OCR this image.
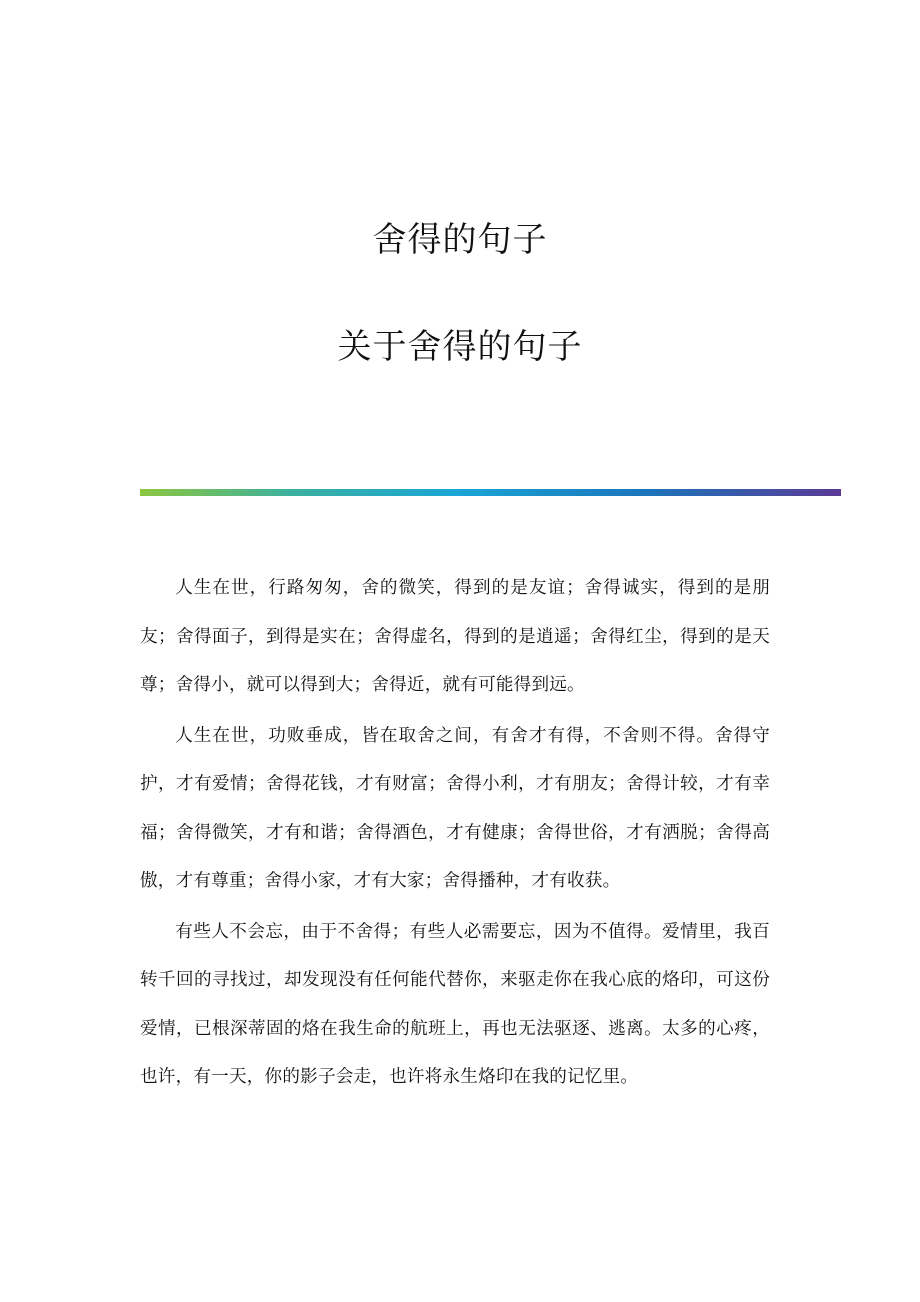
舍得的句子
关于舍得的句子

人生在世，行路匆匆，舍的微笑，得到的是友谊；舍得诚实，得到的是朋友；舍得面子，到得是实在；舍得虚名，得到的是逍遥；舍得红尘，得到的是天尊；舍得小，就可以得到大；舍得近，就有可能得到远。

人生在世，功败垂成，皆在取舍之间，有舍才有得，不舍则不得。舍得守护，才有爱情；舍得花钱，才有财富；舍得小利，才有朋友；舍得计较，才有幸福；舍得微笑，才有和谐；舍得酒色，才有健康；舍得世俗，才有洒脱；舍得高傲，才有尊重；舍得小家，才有大家；舍得播种，才有收获。

有些人不会忘，由于不舍得；有些人必需要忘，因为不值得。爱情里，我百转千回的寻找过，却发现没有任何能代替你，来驱走你在我心底的烙印，可这份爱情，已根深蒂固的烙在我生命的航班上，再也无法驱逐、逃离。太多的心疼，也许，有一天，你的影子会走，也许将永生烙印在我的记忆里。
